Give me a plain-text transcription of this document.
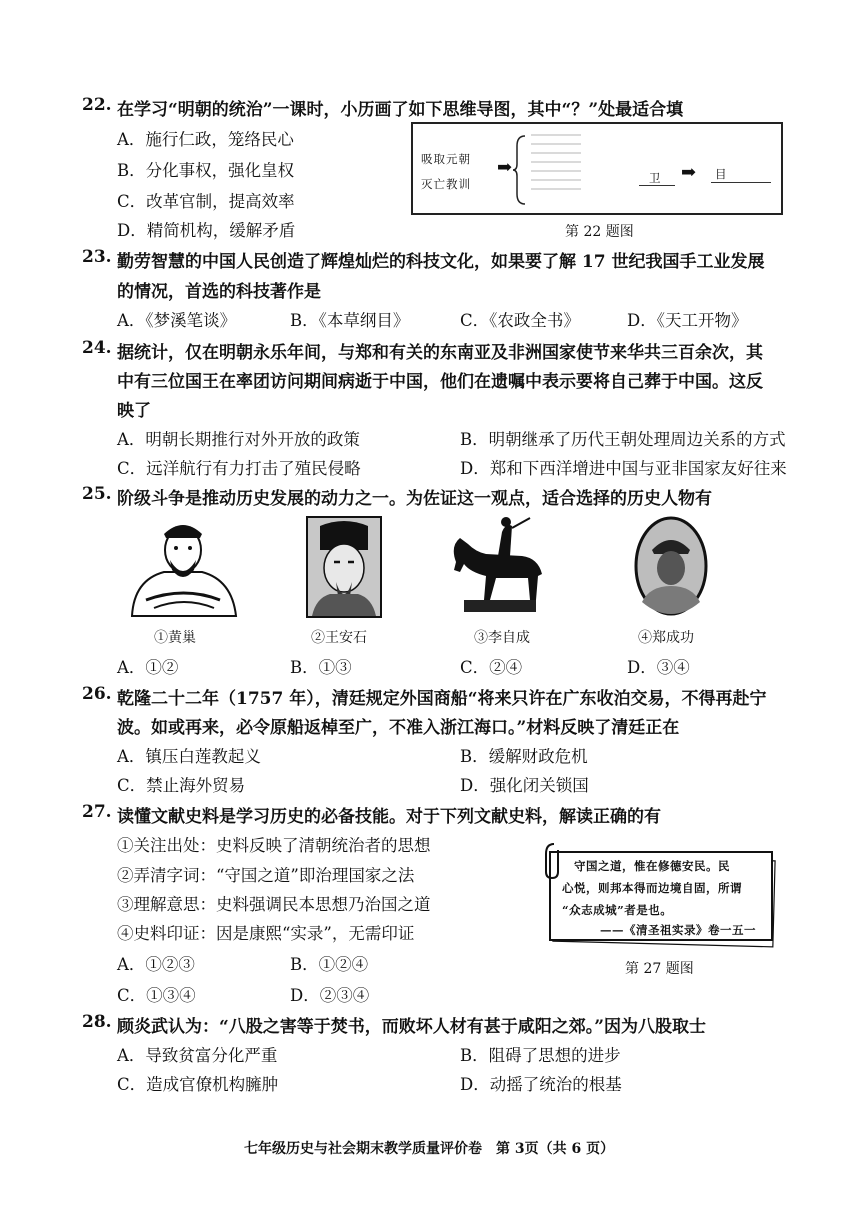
22. 在学习“明朝的统治”一课时，小历画了如下思维导图，其中“？”处最适合填
A．施行仁政，笼络民心
B．分化事权，强化皇权
C．改革官制，提高效率
D．精简机构，缓解矛盾
吸取元朝
灭亡教训
➡	卫 ➡ 目
第 22 题图
23. 勤劳智慧的中国人民创造了辉煌灿烂的科技文化，如果要了解 17 世纪我国手工业发展
的情况，首选的科技著作是
A．《梦溪笔谈》	B．《本草纲目》	C．《农政全书》	D．《天工开物》
24. 据统计，仅在明朝永乐年间，与郑和有关的东南亚及非洲国家使节来华共三百余次，其
中有三位国王在率团访问期间病逝于中国，他们在遗嘱中表示要将自己葬于中国。这反
映了
A．明朝长期推行对外开放的政策	B．明朝继承了历代王朝处理周边关系的方式
C．远洋航行有力打击了殖民侵略	D．郑和下西洋增进中国与亚非国家友好往来
25. 阶级斗争是推动历史发展的动力之一。为佐证这一观点，适合选择的历史人物有
①黄巢	②王安石	③李自成	④郑成功
A．①②	B．①③	C．②④	D．③④
26. 乾隆二十二年（1757 年），清廷规定外国商船“将来只许在广东收泊交易，不得再赴宁
波。如或再来，必令原船返棹至广，不准入浙江海口。”材料反映了清廷正在
A．镇压白莲教起义	B．缓解财政危机
C．禁止海外贸易	D．强化闭关锁国
27. 读懂文献史料是学习历史的必备技能。对于下列文献史料，解读正确的有
①关注出处：史料反映了清朝统治者的思想
②弄清字词：“守国之道”即治理国家之法
③理解意思：史料强调民本思想乃治国之道
④史料印证：因是康熙“实录”，无需印证
A．①②③	B．①②④
C．①③④	D．②③④
守国之道，惟在修德安民。民
心悦，则邦本得而边境自固，所谓
“众志成城”者是也。
——《清圣祖实录》卷一五一
第 27 题图
28. 顾炎武认为：“八股之害等于焚书，而败坏人材有甚于咸阳之郊。”因为八股取士
A．导致贫富分化严重	B．阻碍了思想的进步
C．造成官僚机构臃肿	D．动摇了统治的根基
七年级历史与社会期末教学质量评价卷　第 3页（共 6 页）
